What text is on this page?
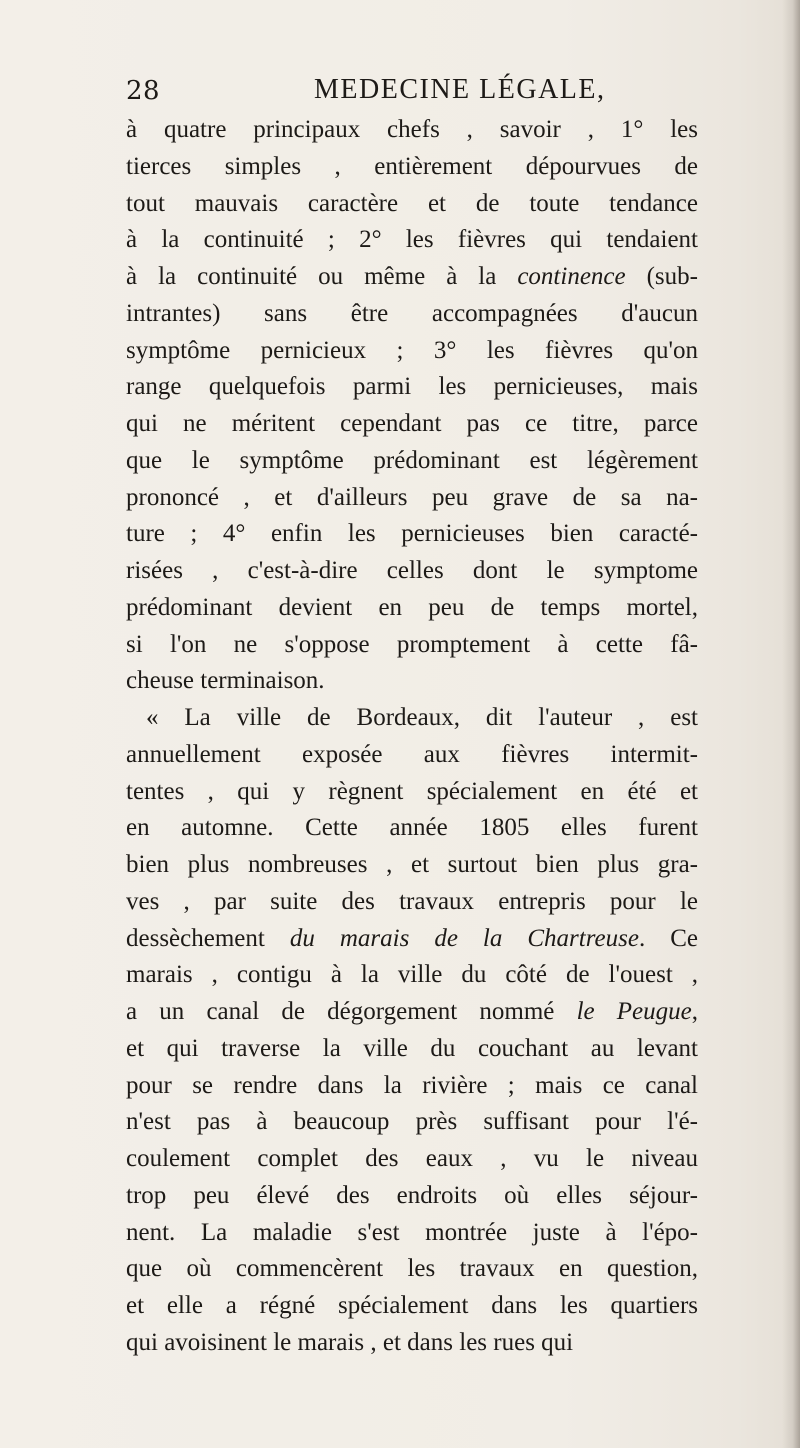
28	MEDECINE LÉGALE,
à quatre principaux chefs , savoir , 1° les
tierces simples , entièrement dépourvues de
tout mauvais caractère et de toute tendance
à la continuité ; 2° les fièvres qui tendaient
à la continuité ou même à la continence (sub-
intrantes) sans être accompagnées d'aucun
symptôme pernicieux ; 3° les fièvres qu'on
range quelquefois parmi les pernicieuses, mais
qui ne méritent cependant pas ce titre, parce
que le symptôme prédominant est légèrement
prononcé , et d'ailleurs peu grave de sa na-
ture ; 4° enfin les pernicieuses bien caracté-
risées , c'est-à-dire celles dont le symptome
prédominant devient en peu de temps mortel,
si l'on ne s'oppose promptement à cette fâ-
cheuse terminaison.
« La ville de Bordeaux, dit l'auteur , est
annuellement exposée aux fièvres intermit-
tentes , qui y règnent spécialement en été et
en automne. Cette année 1805 elles furent
bien plus nombreuses , et surtout bien plus gra-
ves , par suite des travaux entrepris pour le
dessèchement du marais de la Chartreuse. Ce
marais , contigu à la ville du côté de l'ouest ,
a un canal de dégorgement nommé le Peugue,
et qui traverse la ville du couchant au levant
pour se rendre dans la rivière ; mais ce canal
n'est pas à beaucoup près suffisant pour l'é-
coulement complet des eaux , vu le niveau
trop peu élevé des endroits où elles séjour-
nent. La maladie s'est montrée juste à l'épo-
que où commencèrent les travaux en question,
et elle a régné spécialement dans les quartiers
qui avoisinent le marais , et dans les rues qui
